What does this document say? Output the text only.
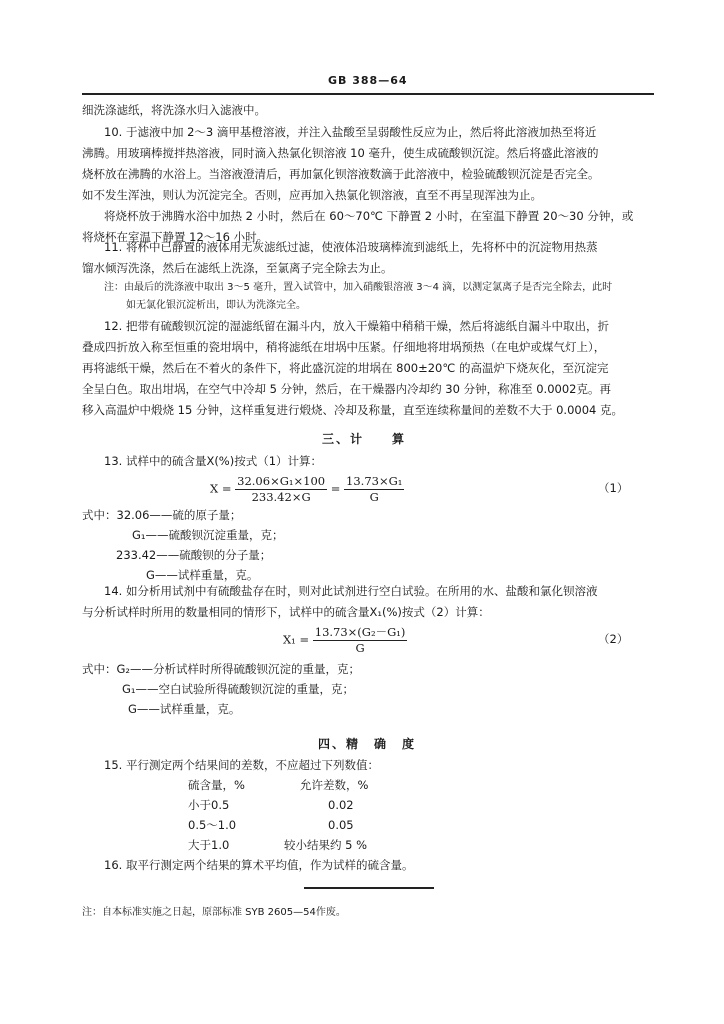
GB 388—64
细洗涤滤纸，将洗涤水归入滤液中。
10. 于滤液中加 2～3 滴甲基橙溶液，并注入盐酸至呈弱酸性反应为止，然后将此溶液加热至将近
沸腾。用玻璃棒搅拌热溶液，同时滴入热氯化钡溶液 10 毫升，使生成硫酸钡沉淀。然后将盛此溶液的
烧杯放在沸腾的水浴上。当溶液澄清后，再加氯化钡溶液数滴于此溶液中，检验硫酸钡沉淀是否完全。
如不发生浑浊，则认为沉淀完全。否则，应再加入热氯化钡溶液，直至不再呈现浑浊为止。
将烧杯放于沸腾水浴中加热 2 小时，然后在 60～70℃ 下静置 2 小时，在室温下静置 20～30 分钟，或
将烧杯在室温下静置 12～16 小时。
11. 将杯中已静置的液体用无灰滤纸过滤，使液体沿玻璃棒流到滤纸上，先将杯中的沉淀物用热蒸
馏水倾泻洗涤，然后在滤纸上洗涤，至氯离子完全除去为止。
注：由最后的洗涤液中取出 3～5 毫升，置入试管中，加入硝酸银溶液 3～4 滴，以测定氯离子是否完全除去，此时
如无氯化银沉淀析出，即认为洗涤完全。
12. 把带有硫酸钡沉淀的湿滤纸留在漏斗内，放入干燥箱中稍稍干燥，然后将滤纸自漏斗中取出，折
叠成四折放入称至恒重的瓷坩埚中，稍将滤纸在坩埚中压紧。仔细地将坩埚预热（在电炉或煤气灯上），
再将滤纸干燥，然后在不着火的条件下，将此盛沉淀的坩埚在 800±20℃ 的高温炉下烧灰化，至沉淀完
全呈白色。取出坩埚，在空气中冷却 5 分钟，然后，在干燥器内冷却约 30 分钟，称准至 0.0002克。再
移入高温炉中煅烧 15 分钟，这样重复进行煅烧、冷却及称量，直至连续称量间的差数不大于 0.0004 克。
三、计　　算
13. 试样中的硫含量X(%)按式（1）计算：
$X = \frac{\text{32.06×G₁×100}}{233.42\times G} = \frac{\text{13.73×G₁}}{G}$	（1）
式中：32.06——硫的原子量；
G₁——硫酸钡沉淀重量，克；
233.42——硫酸钡的分子量；
G——试样重量，克。
14. 如分析用试剂中有硫酸盐存在时，则对此试剂进行空白试验。在所用的水、盐酸和氯化钡溶液
与分析试样时所用的数量相同的情形下，试样中的硫含量X₁(%)按式（2）计算：
$X_1 = \frac{\text{13.73×(G₂－G₁)}}{G}$	（2）
式中：G₂——分析试样时所得硫酸钡沉淀的重量，克；
G₁——空白试验所得硫酸钡沉淀的重量，克；
G——试样重量，克。
四、精　确　度
15. 平行测定两个结果间的差数，不应超过下列数值：
硫含量，%	允许差数，%
小于0.5	0.02
0.5～1.0	0.05
大于1.0	较小结果约 5 %
16. 取平行测定两个结果的算术平均值，作为试样的硫含量。
注：自本标准实施之日起，原部标准 SYB 2605—54作废。
